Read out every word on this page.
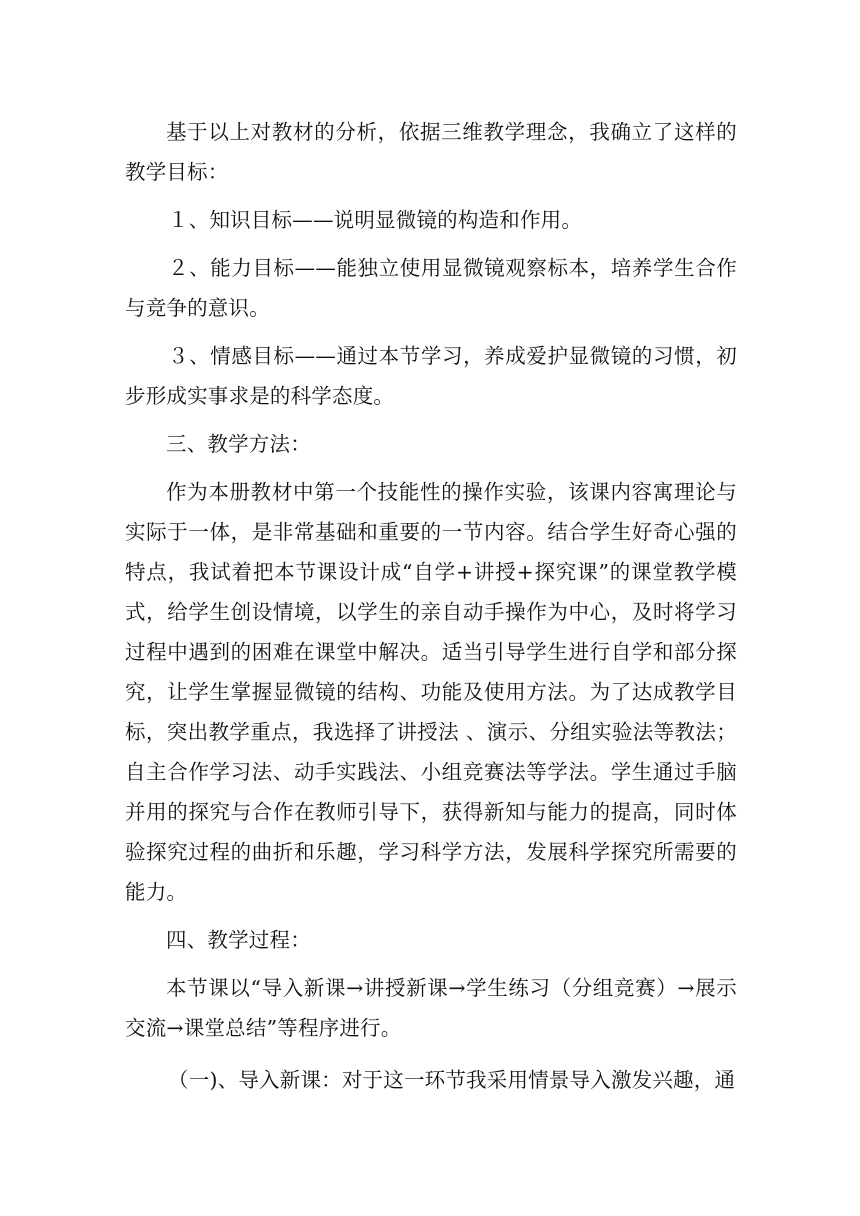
基于以上对教材的分析，依据三维教学理念，我确立了这样的教学目标：

１、知识目标——说明显微镜的构造和作用。

２、能力目标——能独立使用显微镜观察标本，培养学生合作与竞争的意识。

３、情感目标——通过本节学习，养成爱护显微镜的习惯，初步形成实事求是的科学态度。

三、教学方法：

作为本册教材中第一个技能性的操作实验，该课内容寓理论与实际于一体，是非常基础和重要的一节内容。结合学生好奇心强的特点，我试着把本节课设计成“自学+讲授+探究课”的课堂教学模式，给学生创设情境，以学生的亲自动手操作为中心，及时将学习过程中遇到的困难在课堂中解决。适当引导学生进行自学和部分探究，让学生掌握显微镜的结构、功能及使用方法。为了达成教学目标，突出教学重点，我选择了讲授法 、演示、分组实验法等教法；自主合作学习法、动手实践法、小组竞赛法等学法。学生通过手脑并用的探究与合作在教师引导下，获得新知与能力的提高，同时体验探究过程的曲折和乐趣，学习科学方法，发展科学探究所需要的能力。

四、教学过程：

本节课以“导入新课→讲授新课→学生练习（分组竞赛）→展示交流→课堂总结”等程序进行。

（一)、导入新课：对于这一环节我采用情景导入激发兴趣，通
